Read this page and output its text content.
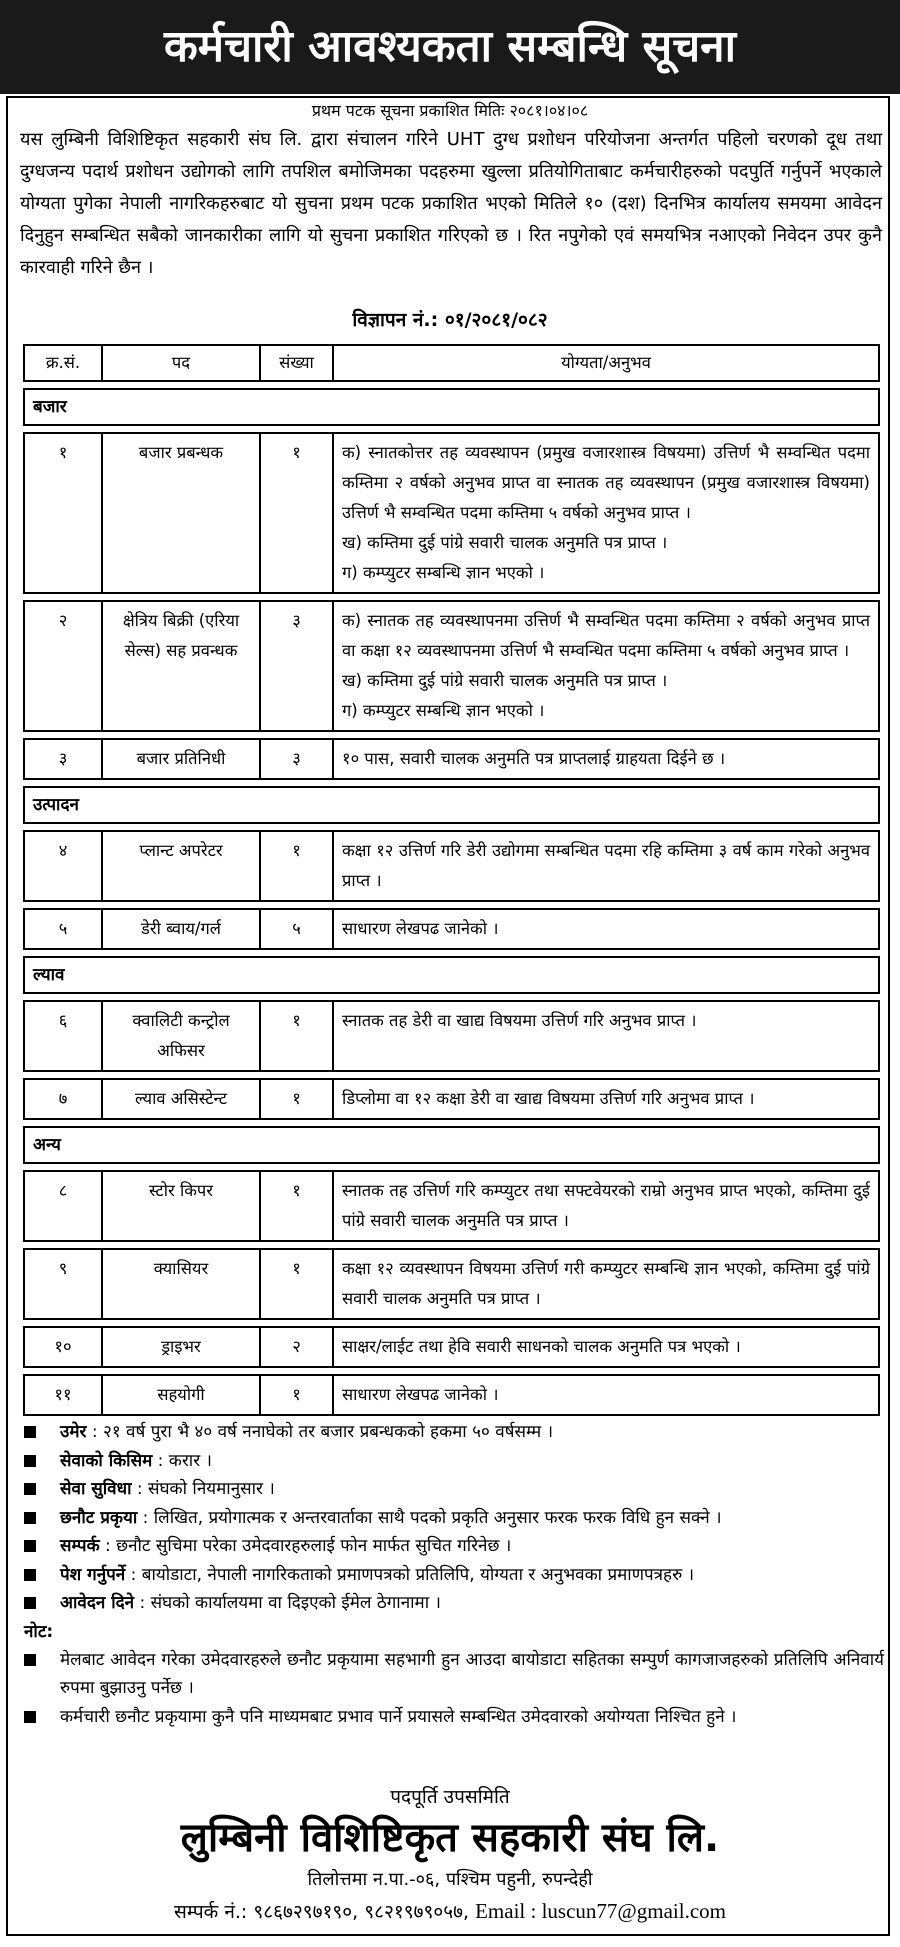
कर्मचारी आवश्यकता सम्बन्धि सूचना
प्रथम पटक सूचना प्रकाशित मितिः २०८१।०४।०८
यस लुम्बिनी विशिष्टिकृत सहकारी संघ लि. द्वारा संचालन गरिने UHT दुग्ध प्रशोधन परियोजना अन्तर्गत पहिलो चरणको दूध तथा दुग्धजन्य पदार्थ प्रशोधन उद्योगको लागि तपशिल बमोजिमका पदहरुमा खुल्ला प्रतियोगिताबाट कर्मचारीहरुको पदपुर्ति गर्नुपर्ने भएकाले योग्यता पुगेका नेपाली नागरिकहरुबाट यो सुचना प्रथम पटक प्रकाशित भएको मितिले १० (दश) दिनभित्र कार्यालय समयमा आवेदन दिनुहुन सम्बन्धित सबैको जानकारीका लागि यो सुचना प्रकाशित गरिएको छ । रित नपुगेको एवं समयभित्र नआएको निवेदन उपर कुनै कारवाही गरिने छैन ।
विज्ञापन नं.: ०१/२०८१/०८२
क्र.सं.	पद	संख्या	योग्यता/अनुभव

बजार			

१	बजार प्रबन्धक	१	क) स्नातकोत्तर तह व्यवस्थापन (प्रमुख वजारशास्त्र विषयमा) उत्तिर्ण भै सम्वन्धित पदमा कम्तिमा २ वर्षको अनुभव प्राप्त वा स्नातक तह व्यवस्थापन (प्रमुख वजारशास्त्र विषयमा) उत्तिर्ण भै सम्वन्धित पदमा कम्तिमा ५ वर्षको अनुभव प्राप्त ।
ख) कम्तिमा दुई पांग्रे सवारी चालक अनुमति पत्र प्राप्त ।
ग) कम्प्युटर सम्बन्धि ज्ञान भएको ।

२	क्षेत्रिय बिक्री (एरिया सेल्स) सह प्रवन्धक	३	क) स्नातक तह व्यवस्थापनमा उत्तिर्ण भै सम्वन्धित पदमा कम्तिमा २ वर्षको अनुभव प्राप्त वा कक्षा १२ व्यवस्थापनमा उत्तिर्ण भै सम्वन्धित पदमा कम्तिमा ५ वर्षको अनुभव प्राप्त ।
ख) कम्तिमा दुई पांग्रे सवारी चालक अनुमति पत्र प्राप्त ।
ग) कम्प्युटर सम्बन्धि ज्ञान भएको ।

३	बजार प्रतिनिधी	३	१० पास, सवारी चालक अनुमति पत्र प्राप्तलाई ग्राहयता दिईने छ ।

उत्पादन			

४	प्लान्ट अपरेटर	१	कक्षा १२ उत्तिर्ण गरि डेरी उद्योगमा सम्बन्धित पदमा रहि कम्तिमा ३ वर्ष काम गरेको अनुभव प्राप्त ।

५	डेरी ब्वाय/गर्ल	५	साधारण लेखपढ जानेको ।

ल्याव			

६	क्वालिटी कन्ट्रोल अफिसर	१	स्नातक तह डेरी वा खाद्य विषयमा उत्तिर्ण गरि अनुभव प्राप्त ।

७	ल्याव असिस्टेन्ट	१	डिप्लोमा वा १२ कक्षा डेरी वा खाद्य विषयमा उत्तिर्ण गरि अनुभव प्राप्त ।

अन्य			

८	स्टोर किपर	१	स्नातक तह उत्तिर्ण गरि कम्प्युटर तथा सफ्टवेयरको राम्रो अनुभव प्राप्त भएको, कम्तिमा दुई पांग्रे सवारी चालक अनुमति पत्र प्राप्त ।

९	क्यासियर	१	कक्षा १२ व्यवस्थापन विषयमा उत्तिर्ण गरी कम्प्युटर सम्बन्धि ज्ञान भएको, कम्तिमा दुई पांग्रे सवारी चालक अनुमति पत्र प्राप्त ।

१०	ड्राइभर	२	साक्षर/लाईट तथा हेवि सवारी साधनको चालक अनुमति पत्र भएको ।

११	सहयोगी	१	साधारण लेखपढ जानेको ।
उमेर : २१ वर्ष पुरा भै ४० वर्ष ननाघेको तर बजार प्रबन्धकको हकमा ५० वर्षसम्म ।
सेवाको किसिम : करार ।
सेवा सुविधा : संघको नियमानुसार ।
छनौट प्रकृया : लिखित, प्रयोगात्मक र अन्तरवार्ताका साथै पदको प्रकृति अनुसार फरक फरक विधि हुन सक्ने ।
सम्पर्क : छनौट सुचिमा परेका उमेदवारहरुलाई फोन मार्फत सुचित गरिनेछ ।
पेश गर्नुपर्ने : बायोडाटा, नेपाली नागरिकताको प्रमाणपत्रको प्रतिलिपि, योग्यता र अनुभवका प्रमाणपत्रहरु ।
आवेदन दिने : संघको कार्यालयमा वा दिइएको ईमेल ठेगानामा ।
नोट:
मेलबाट आवेदन गरेका उमेदवारहरुले छनौट प्रकृयामा सहभागी हुन आउदा बायोडाटा सहितका सम्पुर्ण कागजाजहरुको प्रतिलिपि अनिवार्य रुपमा बुझाउनु पर्नेछ ।
कर्मचारी छनौट प्रकृयामा कुनै पनि माध्यमबाट प्रभाव पार्ने प्रयासले सम्बन्धित उमेदवारको अयोग्यता निश्चित हुने ।
पदपूर्ति उपसमिति
लुम्बिनी विशिष्टिकृत सहकारी संघ लि.
तिलोत्तमा न.पा.-०६, पश्चिम पहुनी, रुपन्देही
सम्पर्क नं.: ९८६७२९७१९०, ९८२१९७९०५७, Email : luscun77@gmail.com
